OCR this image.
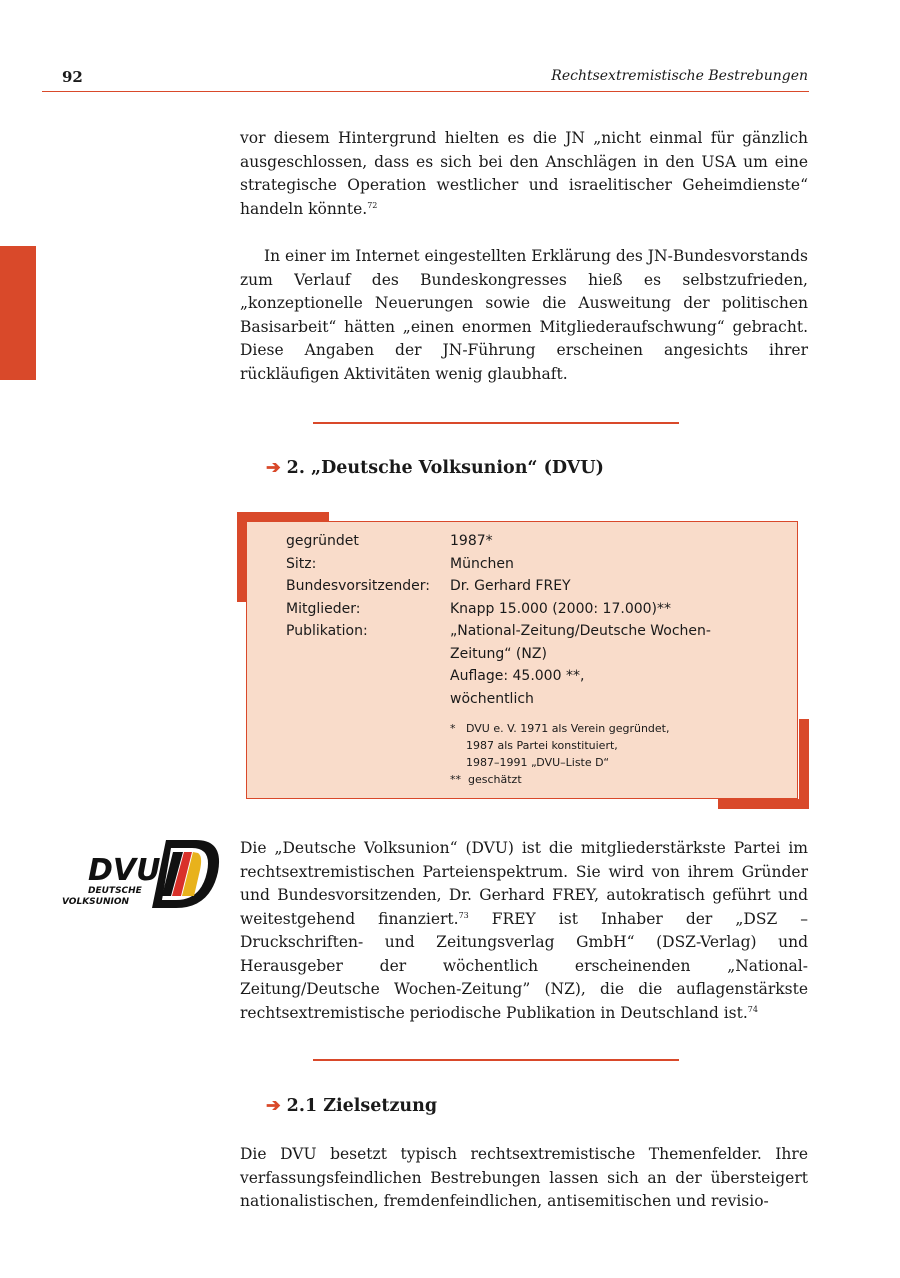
92	Rechtsextremistische Bestrebungen

vor diesem Hintergrund hielten es die JN „nicht einmal für gänzlich ausgeschlossen, dass es sich bei den Anschlägen in den USA um eine strategische Operation westlicher und israelitischer Geheimdienste“ handeln könnte.$^{72}$

In einer im Internet eingestellten Erklärung des JN-Bundesvorstands zum Verlauf des Bundeskongresses hieß es selbstzufrieden, „konzeptionelle Neuerungen sowie die Ausweitung der politischen Basisarbeit“ hätten „einen enormen Mitgliederaufschwung“ gebracht. Diese Angaben der JN-Führung erscheinen angesichts ihrer rückläufigen Aktivitäten wenig glaubhaft.

➔ 2. „Deutsche Volksunion“ (DVU)
gegründet	1987*
Sitz:	München
Bundesvorsitzender: Dr. Gerhard FREY
Mitglieder:	Knapp 15.000 (2000: 17.000)**
Publikation:	„National-Zeitung/Deutsche Wochen-
Zeitung“ (NZ)
Auflage: 45.000 **,
wöchentlich
*   DVU e. V. 1971 als Verein gegründet,
1987 als Partei konstituiert,
1987–1991 „DVU–Liste D“
**  geschätzt
DVU
DEUTSCHE
VOLKSUNION

Die „Deutsche Volksunion“ (DVU) ist die mitgliederstärkste Partei im rechtsextremistischen Parteienspektrum. Sie wird von ihrem Gründer und Bundesvorsitzenden, Dr. Gerhard FREY, autokratisch geführt und weitestgehend finanziert.$^{73}$ FREY ist Inhaber der „DSZ – Druckschriften- und Zeitungsverlag GmbH“ (DSZ-Verlag) und Herausgeber der wöchentlich erscheinenden „National-Zeitung/Deutsche Wochen-Zeitung” (NZ), die die auflagenstärkste rechtsextremistische periodische Publikation in Deutschland ist.$^{74}$

➔ 2.1 Zielsetzung

Die DVU besetzt typisch rechtsextremistische Themenfelder. Ihre verfassungsfeindlichen Bestrebungen lassen sich an der übersteigert nationalistischen, fremdenfeindlichen, antisemitischen und revisio-
